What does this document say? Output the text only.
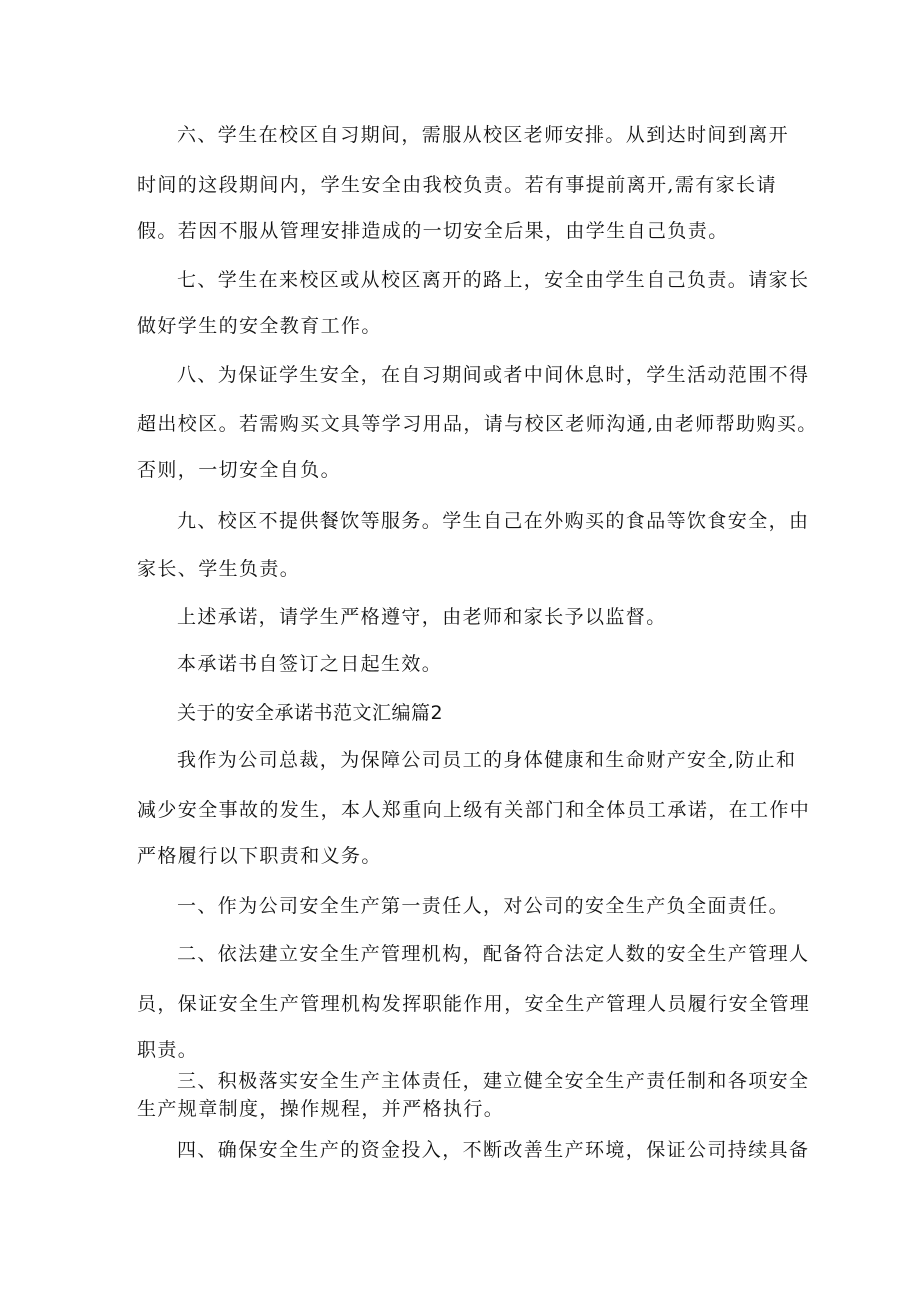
六、学生在校区自习期间，需服从校区老师安排。从到达时间到离开

时间的这段期间内，学生安全由我校负责。若有事提前离开,需有家长请

假。若因不服从管理安排造成的一切安全后果，由学生自己负责。

七、学生在来校区或从校区离开的路上，安全由学生自己负责。请家长

做好学生的安全教育工作。

八、为保证学生安全，在自习期间或者中间休息时，学生活动范围不得

超出校区。若需购买文具等学习用品，请与校区老师沟通,由老师帮助购买。

否则，一切安全自负。

九、校区不提供餐饮等服务。学生自己在外购买的食品等饮食安全，由

家长、学生负责。

上述承诺，请学生严格遵守，由老师和家长予以监督。

本承诺书自签订之日起生效。

关于的安全承诺书范文汇编篇2

我作为公司总裁，为保障公司员工的身体健康和生命财产安全,防止和

减少安全事故的发生，本人郑重向上级有关部门和全体员工承诺，在工作中

严格履行以下职责和义务。

一、作为公司安全生产第一责任人，对公司的安全生产负全面责任。

二、依法建立安全生产管理机构，配备符合法定人数的安全生产管理人

员，保证安全生产管理机构发挥职能作用，安全生产管理人员履行安全管理

职责。

三、积极落实安全生产主体责任，建立健全安全生产责任制和各项安全

生产规章制度，操作规程，并严格执行。

四、确保安全生产的资金投入，不断改善生产环境，保证公司持续具备
